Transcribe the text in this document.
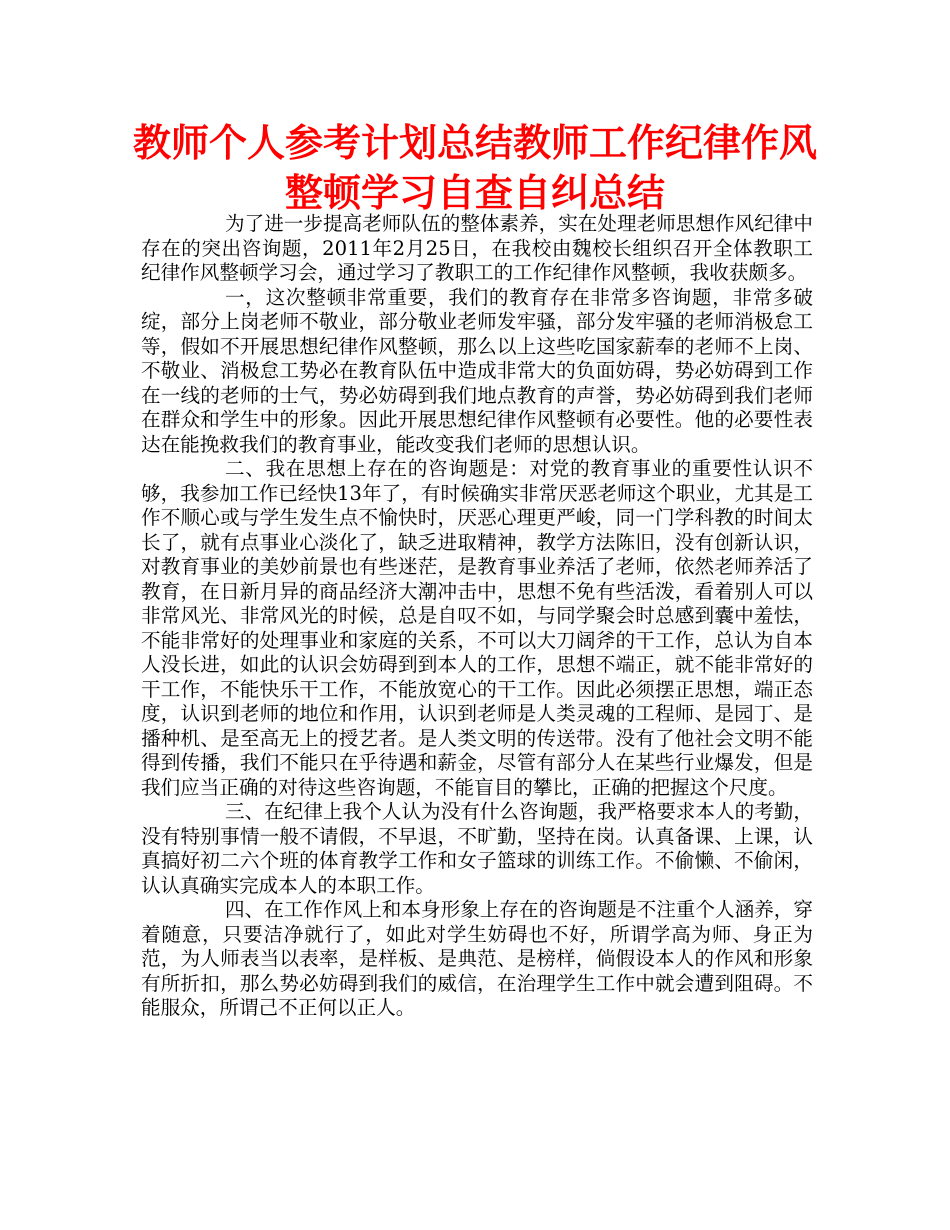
教师个人参考计划总结教师工作纪律作风整顿学习自查自纠总结

为了进一步提高老师队伍的整体素养，实在处理老师思想作风纪律中存在的突出咨询题，2011年2月25日，在我校由魏校长组织召开全体教职工纪律作风整顿学习会，通过学习了教职工的工作纪律作风整顿，我收获颇多。

一，这次整顿非常重要，我们的教育存在非常多咨询题，非常多破绽，部分上岗老师不敬业，部分敬业老师发牢骚，部分发牢骚的老师消极怠工等，假如不开展思想纪律作风整顿，那么以上这些吃国家薪奉的老师不上岗、不敬业、消极怠工势必在教育队伍中造成非常大的负面妨碍，势必妨碍到工作在一线的老师的士气，势必妨碍到我们地点教育的声誉，势必妨碍到我们老师在群众和学生中的形象。因此开展思想纪律作风整顿有必要性。他的必要性表达在能挽救我们的教育事业，能改变我们老师的思想认识。

二、我在思想上存在的咨询题是：对党的教育事业的重要性认识不够，我参加工作已经快13年了，有时候确实非常厌恶老师这个职业，尤其是工作不顺心或与学生发生点不愉快时，厌恶心理更严峻，同一门学科教的时间太长了，就有点事业心淡化了，缺乏进取精神，教学方法陈旧，没有创新认识，对教育事业的美妙前景也有些迷茫，是教育事业养活了老师，依然老师养活了教育，在日新月异的商品经济大潮冲击中，思想不免有些活泼，看着别人可以非常风光、非常风光的时候，总是自叹不如，与同学聚会时总感到囊中羞怯，不能非常好的处理事业和家庭的关系，不可以大刀阔斧的干工作，总认为自本人没长进，如此的认识会妨碍到到本人的工作，思想不端正，就不能非常好的干工作，不能快乐干工作，不能放宽心的干工作。因此必须摆正思想，端正态度，认识到老师的地位和作用，认识到老师是人类灵魂的工程师、是园丁、是播种机、是至高无上的授艺者。是人类文明的传送带。没有了他社会文明不能得到传播，我们不能只在乎待遇和薪金，尽管有部分人在某些行业爆发，但是我们应当正确的对待这些咨询题，不能盲目的攀比，正确的把握这个尺度。

三、在纪律上我个人认为没有什么咨询题，我严格要求本人的考勤，没有特别事情一般不请假，不早退，不旷勤，坚持在岗。认真备课、上课，认真搞好初二六个班的体育教学工作和女子篮球的训练工作。不偷懒、不偷闲，认认真确实完成本人的本职工作。

四、在工作作风上和本身形象上存在的咨询题是不注重个人涵养，穿着随意，只要洁净就行了，如此对学生妨碍也不好，所谓学高为师、身正为范，为人师表当以表率，是样板、是典范、是榜样，倘假设本人的作风和形象有所折扣，那么势必妨碍到我们的威信，在治理学生工作中就会遭到阻碍。不能服众，所谓己不正何以正人。
